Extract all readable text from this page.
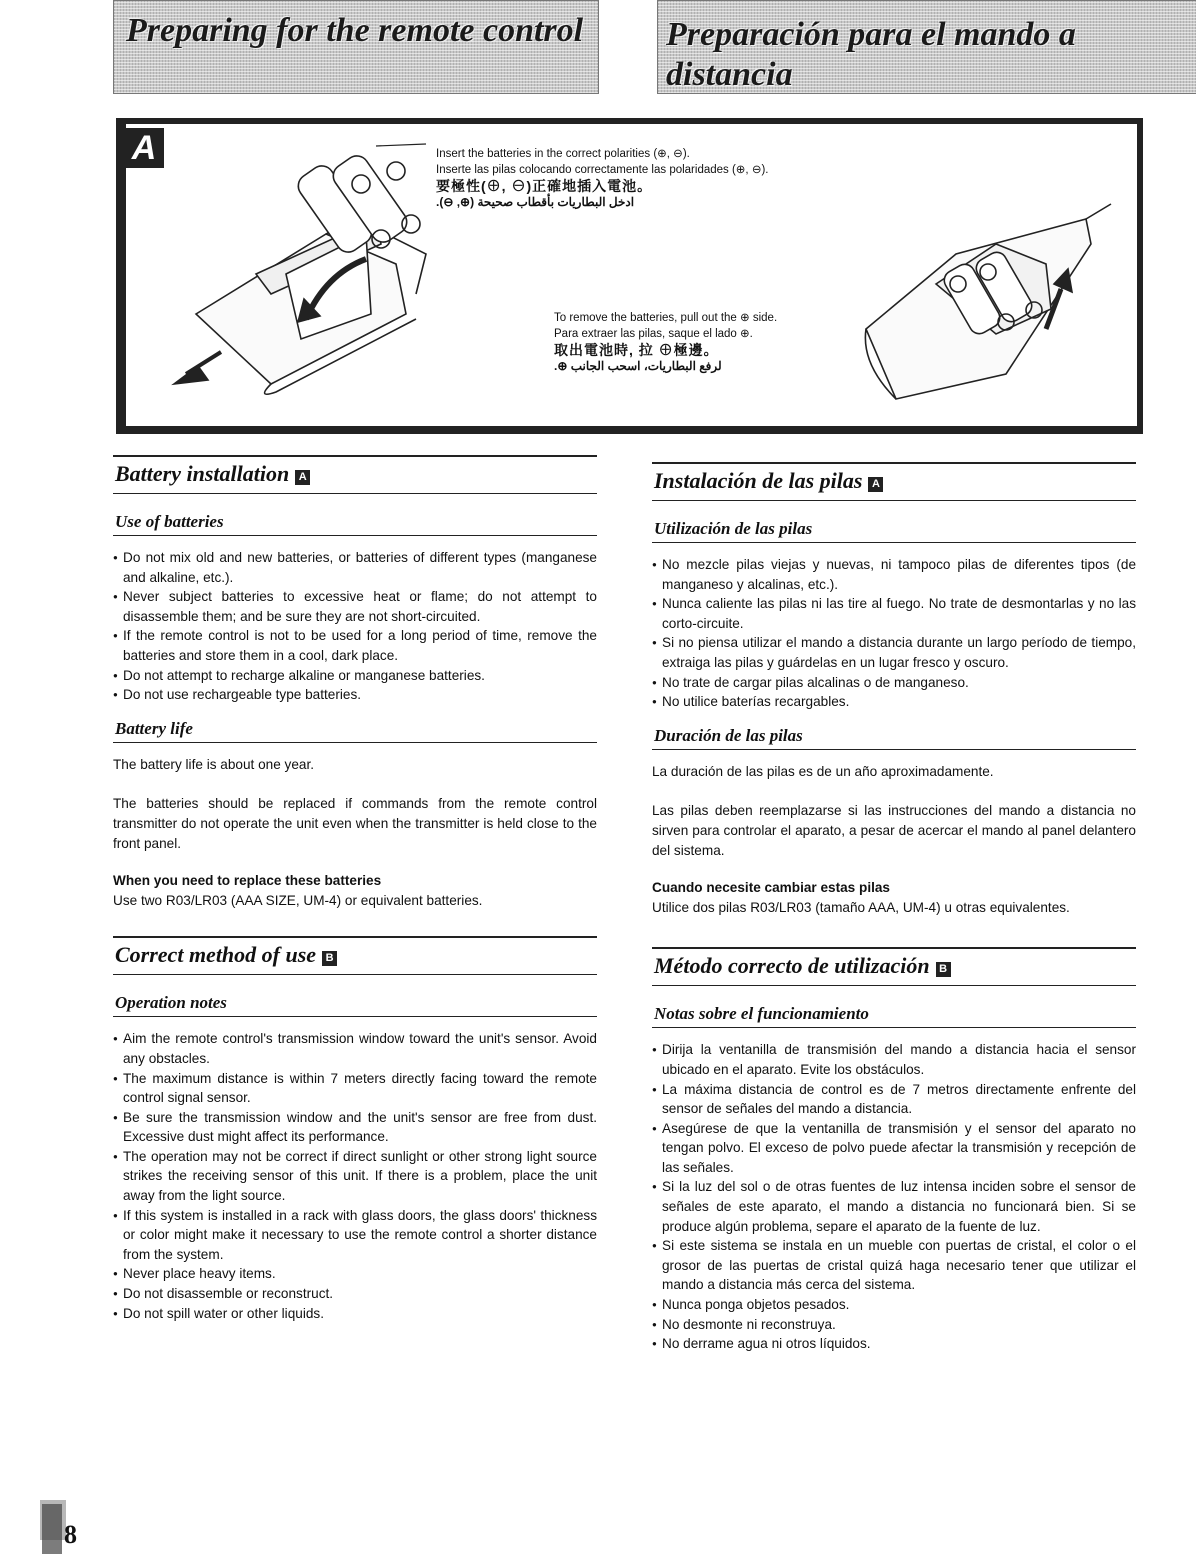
Preparing for the remote control Preparación para el mando a distancia
A	Insert the batteries in the correct polarities (⊕, ⊖).
Inserte las pilas colocando correctamente las polaridades (⊕, ⊖).
要極性(⊕, ⊖)正確地插入電池。
.(⊖ ,⊕) ادخل البطاريات بأقطاب صحيحة
To remove the batteries, pull out the ⊕ side.
Para extraer las pilas, saque el lado ⊕.
取出電池時, 拉 ⊕極邊。
.⊕ لرفع البطاريات، اسحب الجانب
Battery installation A
Use of batteries
● Do not mix old and new batteries, or batteries of different types (manganese and alkaline, etc.).
● Never subject batteries to excessive heat or flame; do not attempt to disassemble them; and be sure they are not short-circuited.
● If the remote control is not to be used for a long period of time, remove the batteries and store them in a cool, dark place.
● Do not attempt to recharge alkaline or manganese batteries.
● Do not use rechargeable type batteries.
Battery life

The battery life is about one year.

The batteries should be replaced if commands from the remote control transmitter do not operate the unit even when the transmitter is held close to the front panel.

When you need to replace these batteries

Use two R03/LR03 (AAA SIZE, UM-4) or equivalent batteries.

Correct method of use B
Operation notes
● Aim the remote control's transmission window toward the unit's sensor. Avoid any obstacles.
● The maximum distance is within 7 meters directly facing toward the remote control signal sensor.
● Be sure the transmission window and the unit's sensor are free from dust. Excessive dust might affect its performance.
● The operation may not be correct if direct sunlight or other strong light source strikes the receiving sensor of this unit. If there is a problem, place the unit away from the light source.
● If this system is installed in a rack with glass doors, the glass doors' thickness or color might make it necessary to use the remote control a shorter distance from the system.
● Never place heavy items.
● Do not disassemble or reconstruct.
● Do not spill water or other liquids.
Instalación de las pilas A
Utilización de las pilas
● No mezcle pilas viejas y nuevas, ni tampoco pilas de diferentes tipos (de manganeso y alcalinas, etc.).
● Nunca caliente las pilas ni las tire al fuego. No trate de desmontarlas y no las corto-circuite.
● Si no piensa utilizar el mando a distancia durante un largo período de tiempo, extraiga las pilas y guárdelas en un lugar fresco y oscuro.
● No trate de cargar pilas alcalinas o de manganeso.
● No utilice baterías recargables.
Duración de las pilas

La duración de las pilas es de un año aproximadamente.

Las pilas deben reemplazarse si las instrucciones del mando a distancia no sirven para controlar el aparato, a pesar de acercar el mando al panel delantero del sistema.

Cuando necesite cambiar estas pilas

Utilice dos pilas R03/LR03 (tamaño AAA, UM-4) u otras equivalentes.

Método correcto de utilización B
Notas sobre el funcionamiento
● Dirija la ventanilla de transmisión del mando a distancia hacia el sensor ubicado en el aparato. Evite los obstáculos.
● La máxima distancia de control es de 7 metros directamente enfrente del sensor de señales del mando a distancia.
● Asegúrese de que la ventanilla de transmisión y el sensor del aparato no tengan polvo. El exceso de polvo puede afectar la transmisión y recepción de las señales.
● Si la luz del sol o de otras fuentes de luz intensa inciden sobre el sensor de señales de este aparato, el mando a distancia no funcionará bien. Si se produce algún problema, separe el aparato de la fuente de luz.
● Si este sistema se instala en un mueble con puertas de cristal, el color o el grosor de las puertas de cristal quizá haga necesario tener que utilizar el mando a distancia más cerca del sistema.
● Nunca ponga objetos pesados.
● No desmonte ni reconstruya.
● No derrame agua ni otros líquidos.
8
